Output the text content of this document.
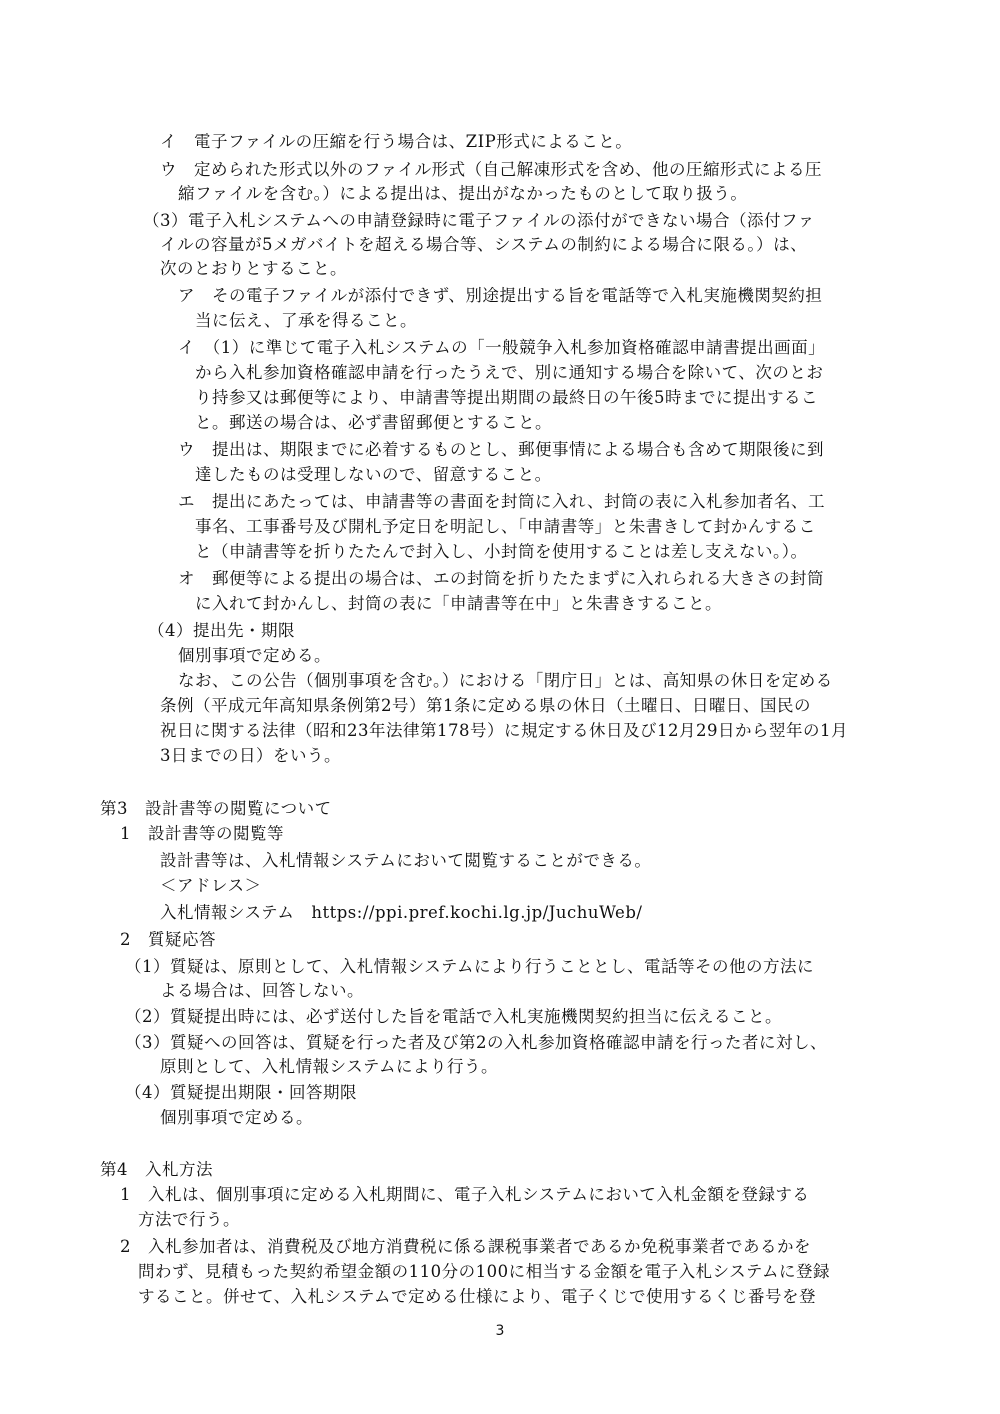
イ　電子ファイルの圧縮を行う場合は、ZIP形式によること。
ウ　定められた形式以外のファイル形式（自己解凍形式を含め、他の圧縮形式による圧
縮ファイルを含む。）による提出は、提出がなかったものとして取り扱う。
（3）電子入札システムへの申請登録時に電子ファイルの添付ができない場合（添付ファ
イルの容量が5メガバイトを超える場合等、システムの制約による場合に限る。）は、
次のとおりとすること。
ア　その電子ファイルが添付できず、別途提出する旨を電話等で入札実施機関契約担
当に伝え、了承を得ること。
イ　（1）に準じて電子入札システムの「一般競争入札参加資格確認申請書提出画面」
から入札参加資格確認申請を行ったうえで、別に通知する場合を除いて、次のとお
り持参又は郵便等により、申請書等提出期間の最終日の午後5時までに提出するこ
と。郵送の場合は、必ず書留郵便とすること。
ウ　提出は、期限までに必着するものとし、郵便事情による場合も含めて期限後に到
達したものは受理しないので、留意すること。
エ　提出にあたっては、申請書等の書面を封筒に入れ、封筒の表に入札参加者名、工
事名、工事番号及び開札予定日を明記し、「申請書等」と朱書きして封かんするこ
と（申請書等を折りたたんで封入し、小封筒を使用することは差し支えない。）。
オ　郵便等による提出の場合は、エの封筒を折りたたまずに入れられる大きさの封筒
に入れて封かんし、封筒の表に「申請書等在中」と朱書きすること。
（4）提出先・期限
個別事項で定める。
なお、この公告（個別事項を含む。）における「閉庁日」とは、高知県の休日を定める
条例（平成元年高知県条例第2号）第1条に定める県の休日（土曜日、日曜日、国民の
祝日に関する法律（昭和23年法律第178号）に規定する休日及び12月29日から翌年の1月
3日までの日）をいう。
第3　設計書等の閲覧について
1　設計書等の閲覧等
設計書等は、入札情報システムにおいて閲覧することができる。
＜アドレス＞
入札情報システム　https://ppi.pref.kochi.lg.jp/JuchuWeb/
2　質疑応答
（1）質疑は、原則として、入札情報システムにより行うこととし、電話等その他の方法に
よる場合は、回答しない。
（2）質疑提出時には、必ず送付した旨を電話で入札実施機関契約担当に伝えること。
（3）質疑への回答は、質疑を行った者及び第2の入札参加資格確認申請を行った者に対し、
原則として、入札情報システムにより行う。
（4）質疑提出期限・回答期限
個別事項で定める。
第4　入札方法
1　入札は、個別事項に定める入札期間に、電子入札システムにおいて入札金額を登録する
方法で行う。
2　入札参加者は、消費税及び地方消費税に係る課税事業者であるか免税事業者であるかを
問わず、見積もった契約希望金額の110分の100に相当する金額を電子入札システムに登録
すること。併せて、入札システムで定める仕様により、電子くじで使用するくじ番号を登
3
